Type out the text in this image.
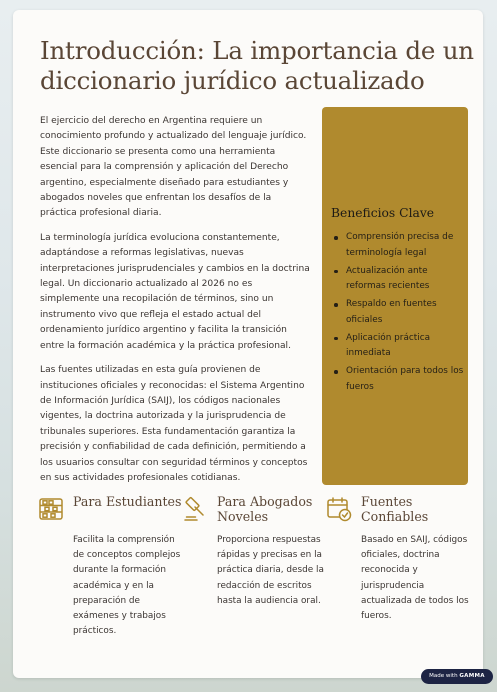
Introducción: La importancia de un diccionario jurídico actualizado

El ejercicio del derecho en Argentina requiere un conocimiento profundo y actualizado del lenguaje jurídico. Este diccionario se presenta como una herramienta esencial para la comprensión y aplicación del Derecho argentino, especialmente diseñado para estudiantes y abogados noveles que enfrentan los desafíos de la práctica profesional diaria.

La terminología jurídica evoluciona constantemente, adaptándose a reformas legislativas, nuevas interpretaciones jurisprudenciales y cambios en la doctrina legal. Un diccionario actualizado al 2026 no es simplemente una recopilación de términos, sino un instrumento vivo que refleja el estado actual del ordenamiento jurídico argentino y facilita la transición entre la formación académica y la práctica profesional.

Las fuentes utilizadas en esta guía provienen de instituciones oficiales y reconocidas: el Sistema Argentino de Información Jurídica (SAIJ), los códigos nacionales vigentes, la doctrina autorizada y la jurisprudencia de tribunales superiores. Esta fundamentación garantiza la precisión y confiabilidad de cada definición, permitiendo a los usuarios consultar con seguridad términos y conceptos en sus actividades profesionales cotidianas.

Beneficios Clave
Comprensión precisa de terminología legal
Actualización ante reformas recientes
Respaldo en fuentes oficiales
Aplicación práctica inmediata
Orientación para todos los fueros
Para Estudiantes
Facilita la comprensión de conceptos complejos durante la formación académica y en la preparación de exámenes y trabajos prácticos.
Para Abogados Noveles
Proporciona respuestas rápidas y precisas en la práctica diaria, desde la redacción de escritos hasta la audiencia oral.
Fuentes Confiables
Basado en SAIJ, códigos oficiales, doctrina reconocida y jurisprudencia actualizada de todos los fueros.
Made with GAMMA
